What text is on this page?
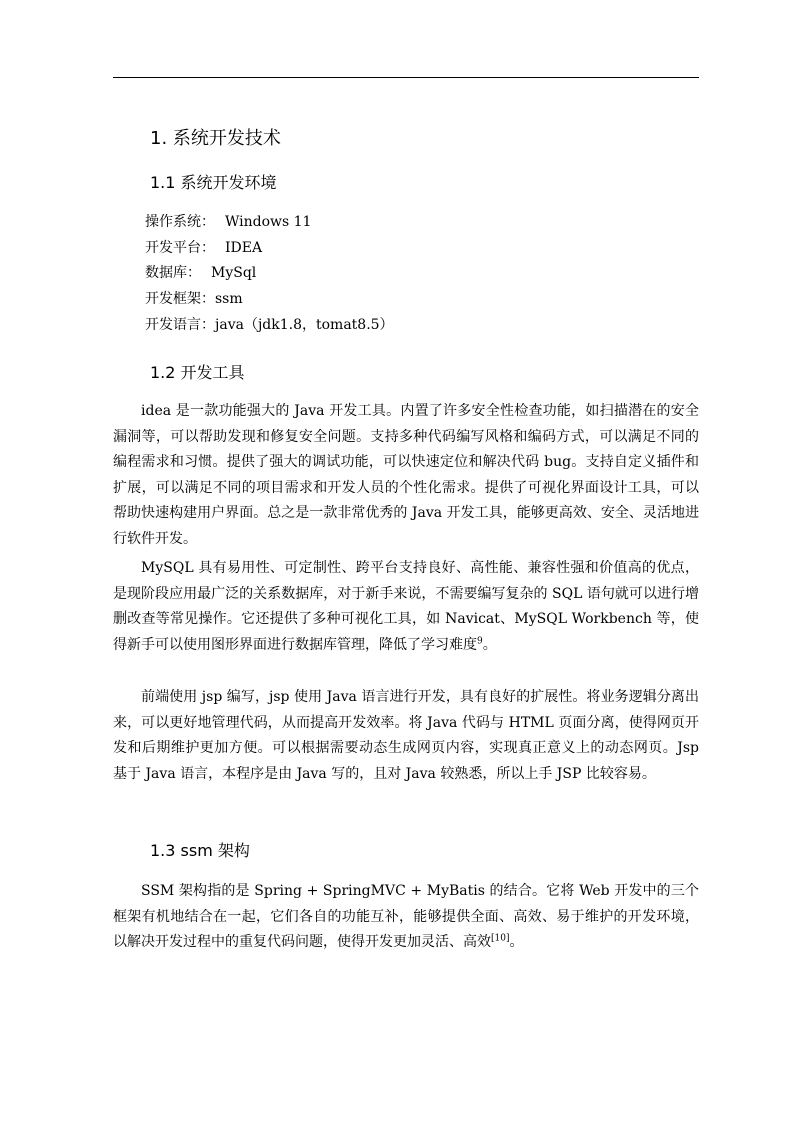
1. 系统开发技术
1.1 系统开发环境
操作系统： Windows 11
开发平台： IDEA
数据库： MySql
开发框架：ssm
开发语言：java（jdk1.8，tomat8.5）
1.2 开发工具

idea 是一款功能强大的 Java 开发工具。内置了许多安全性检查功能，如扫描潜在的安全漏洞等，可以帮助发现和修复安全问题。支持多种代码编写风格和编码方式，可以满足不同的编程需求和习惯。提供了强大的调试功能，可以快速定位和解决代码 bug。支持自定义插件和扩展，可以满足不同的项目需求和开发人员的个性化需求。提供了可视化界面设计工具，可以帮助快速构建用户界面。总之是一款非常优秀的 Java 开发工具，能够更高效、安全、灵活地进行软件开发。

MySQL 具有易用性、可定制性、跨平台支持良好、高性能、兼容性强和价值高的优点，是现阶段应用最广泛的关系数据库，对于新手来说，不需要编写复杂的 SQL 语句就可以进行增删改查等常见操作。它还提供了多种可视化工具，如 Navicat、MySQL Workbench 等，使得新手可以使用图形界面进行数据库管理，降低了学习难度$^9$。

前端使用 jsp 编写，jsp 使用 Java 语言进行开发，具有良好的扩展性。将业务逻辑分离出来，可以更好地管理代码，从而提高开发效率。将 Java 代码与 HTML 页面分离，使得网页开发和后期维护更加方便。可以根据需要动态生成网页内容，实现真正意义上的动态网页。Jsp 基于 Java 语言，本程序是由 Java 写的，且对 Java 较熟悉，所以上手 JSP 比较容易。

1.3 ssm 架构

SSM 架构指的是 Spring + SpringMVC + MyBatis 的结合。它将 Web 开发中的三个框架有机地结合在一起，它们各自的功能互补，能够提供全面、高效、易于维护的开发环境，以解决开发过程中的重复代码问题，使得开发更加灵活、高效[10]。
